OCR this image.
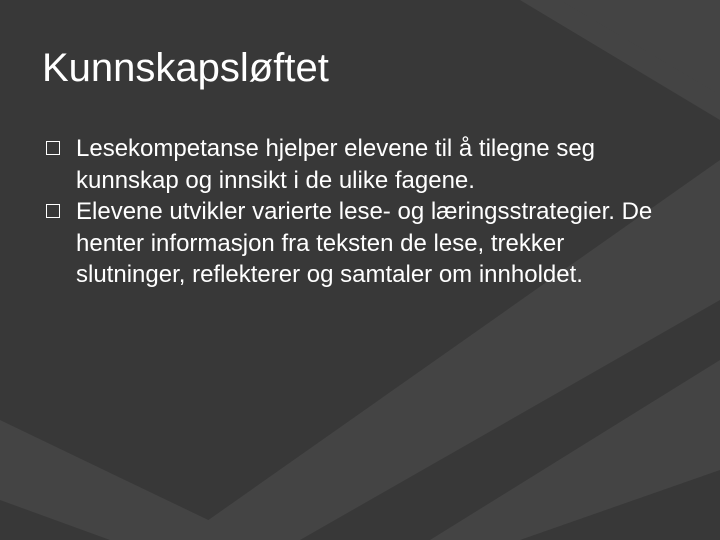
Kunnskapsløftet
Lesekompetanse hjelper elevene til å tilegne seg kunnskap og innsikt i de ulike fagene.
Elevene utvikler varierte lese- og læringsstrategier. De henter informasjon fra teksten de lese, trekker slutninger, reflekterer og samtaler om innholdet.
